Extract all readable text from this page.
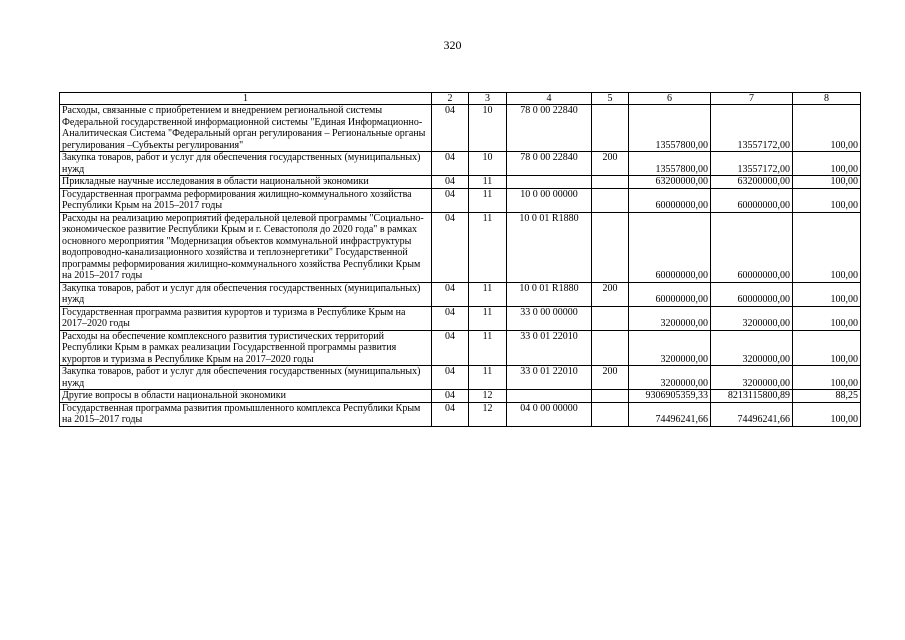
320
1	2	3	4	5	6	7	8
Расходы, связанные с приобретением и внедрением региональной системы Федеральной государственной информационной системы "Единая Информационно-Аналитическая Система "Федеральный орган регулирования – Региональные органы регулирования –Субъекты регулирования"	04	10	78 0 00 22840		13557800,00	13557172,00	100,00
Закупка товаров, работ и услуг для обеспечения государственных (муниципальных) нужд	04	10	78 0 00 22840	200	13557800,00	13557172,00	100,00
Прикладные научные исследования в области национальной экономики	04	11			63200000,00	63200000,00	100,00
Государственная программа реформирования жилищно-коммунального хозяйства Республики Крым на 2015–2017 годы	04	11	10 0 00 00000		60000000,00	60000000,00	100,00
Расходы на реализацию мероприятий федеральной целевой программы "Социально-экономическое развитие Республики Крым и г. Севастополя до 2020 года" в рамках основного мероприятия "Модернизация объектов коммунальной инфраструктуры водопроводно-канализационного хозяйства и теплоэнергетики" Государственной программы реформирования жилищно-коммунального хозяйства Республики Крым на 2015–2017 годы	04	11	10 0 01 R1880		60000000,00	60000000,00	100,00
Закупка товаров, работ и услуг для обеспечения государственных (муниципальных) нужд	04	11	10 0 01 R1880	200	60000000,00	60000000,00	100,00
Государственная программа развития курортов и туризма в Республике Крым на 2017–2020 годы	04	11	33 0 00 00000		3200000,00	3200000,00	100,00
Расходы на обеспечение комплексного развития туристических территорий Республики Крым в рамках реализации Государственной программы развития курортов и туризма в Республике Крым на 2017–2020 годы	04	11	33 0 01 22010		3200000,00	3200000,00	100,00
Закупка товаров, работ и услуг для обеспечения государственных (муниципальных) нужд	04	11	33 0 01 22010	200	3200000,00	3200000,00	100,00
Другие вопросы в области национальной экономики	04	12			9306905359,33	8213115800,89	88,25
Государственная программа развития промышленного комплекса Республики Крым на 2015–2017 годы	04	12	04 0 00 00000		74496241,66	74496241,66	100,00
